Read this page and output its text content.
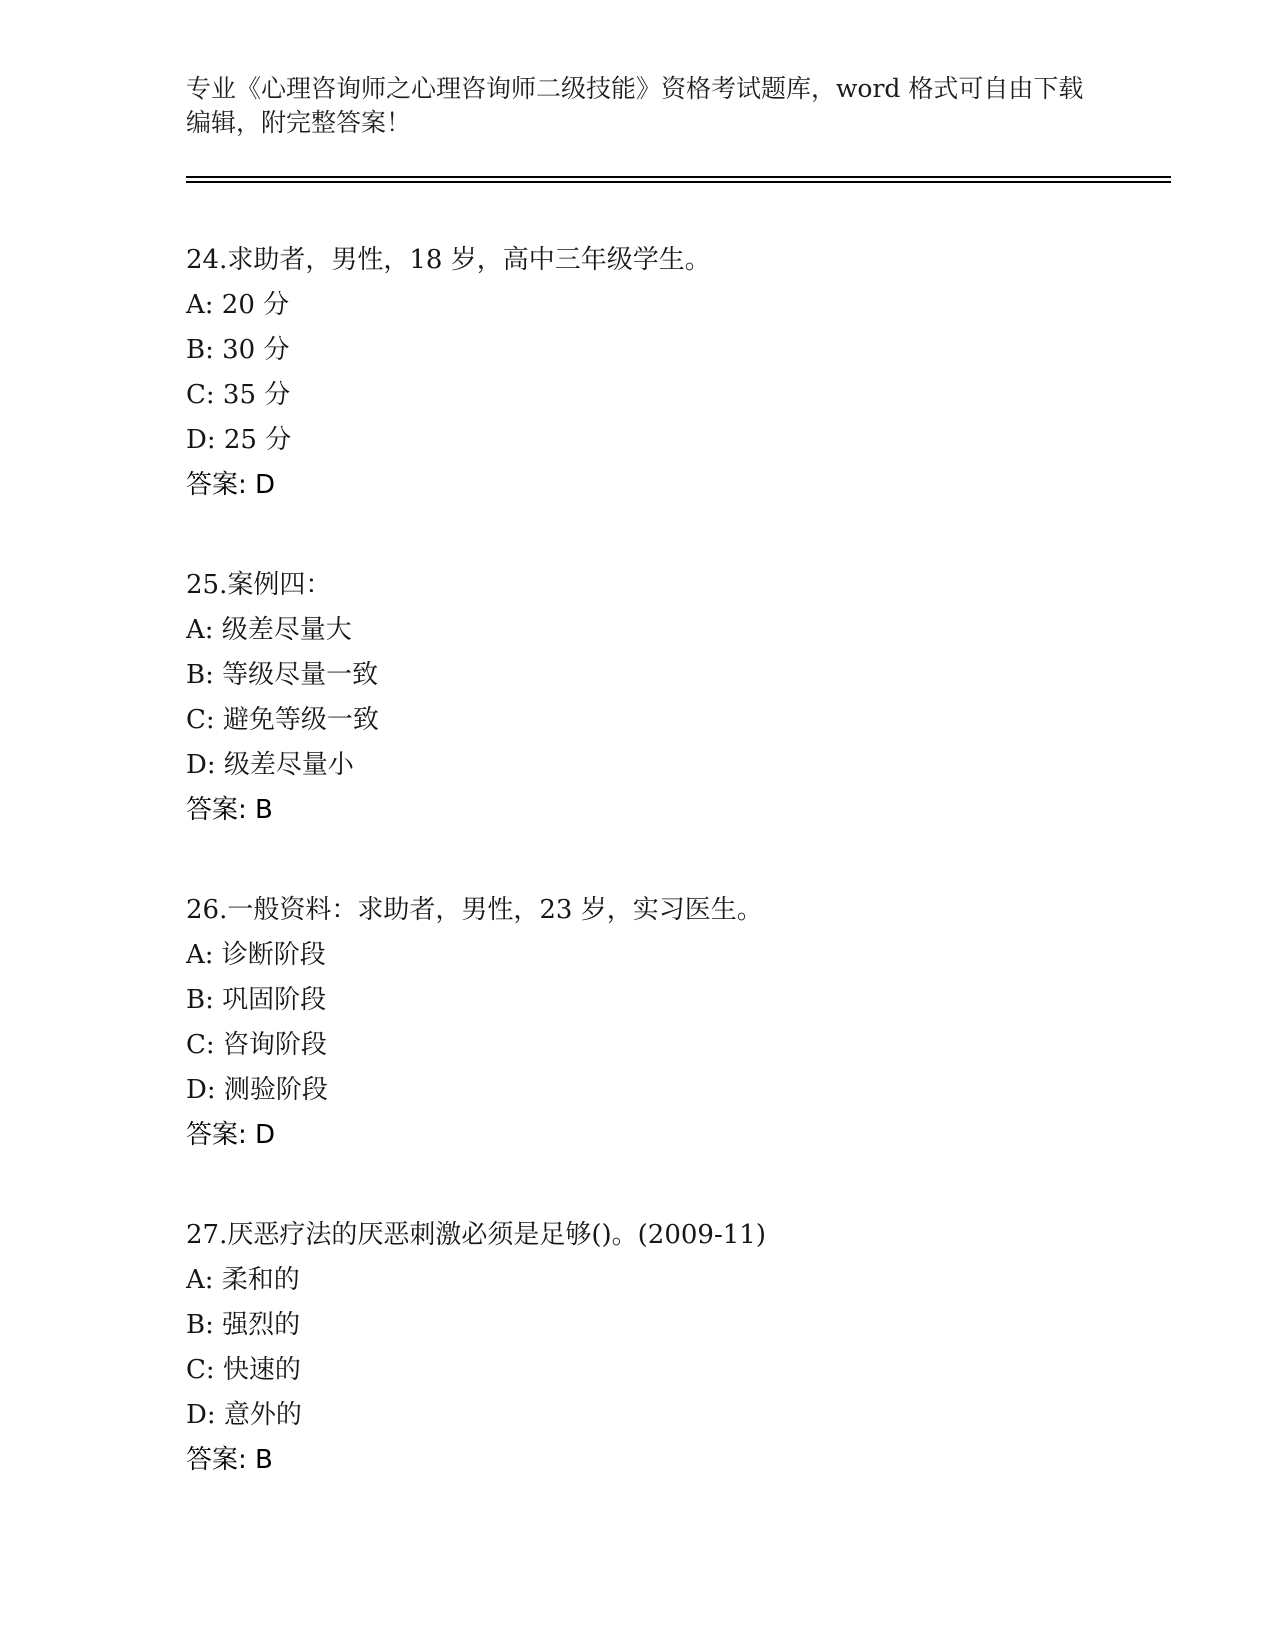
专业《心理咨询师之心理咨询师二级技能》资格考试题库，word 格式可自由下载
编辑，附完整答案！
24.求助者，男性，18 岁，高中三年级学生。
A: 20 分
B: 30 分
C: 35 分
D: 25 分
答案: D
25.案例四：
A: 级差尽量大
B: 等级尽量一致
C: 避免等级一致
D: 级差尽量小
答案: B
26.一般资料：求助者，男性，23 岁，实习医生。
A: 诊断阶段
B: 巩固阶段
C: 咨询阶段
D: 测验阶段
答案: D
27.厌恶疗法的厌恶刺激必须是足够()。(2009-11)
A: 柔和的
B: 强烈的
C: 快速的
D: 意外的
答案: B
